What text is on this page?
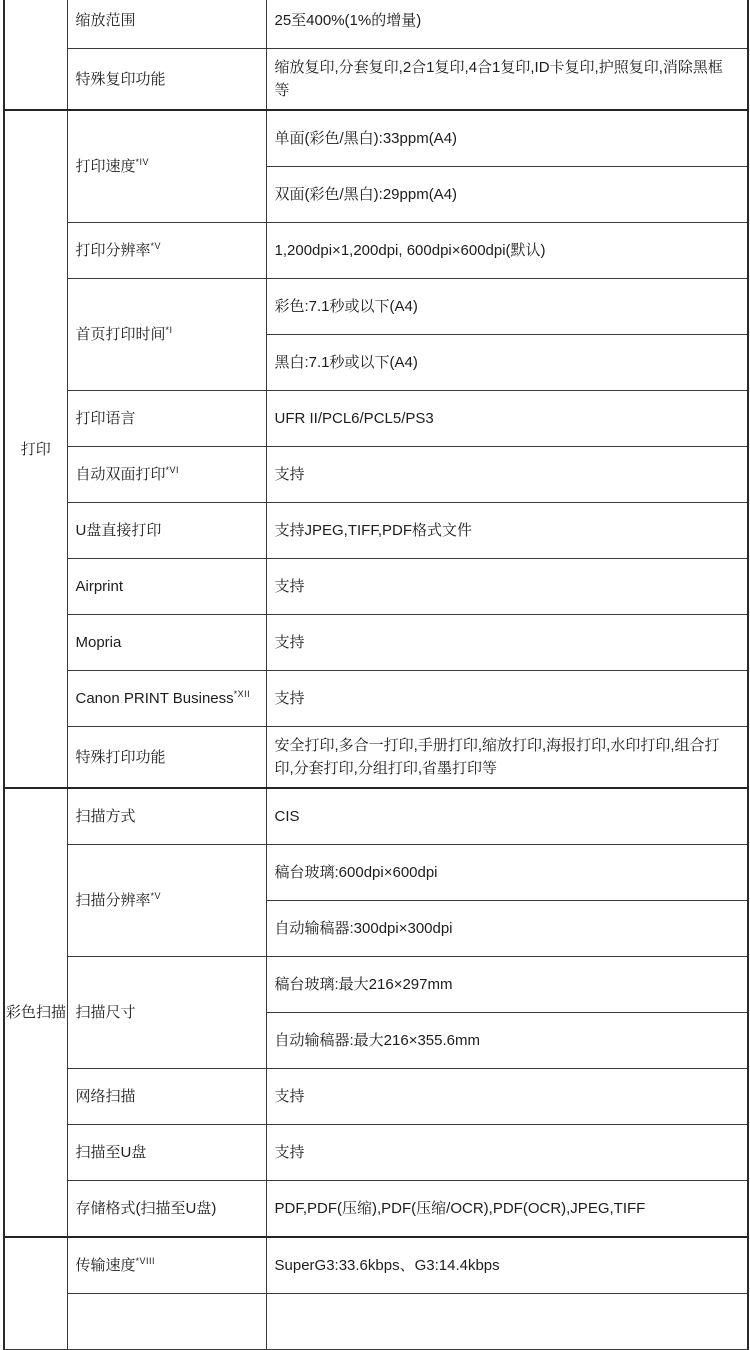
	缩放范围	25至400%(1%的增量)
	特殊复印功能	缩放复印,分套复印,2合1复印,4合1复印,ID卡复印,护照复印,消除黑框等
打印	打印速度$^{*IV}$	单面(彩色/黑白):33ppm(A4)
		双面(彩色/黑白):29ppm(A4)
	打印分辨率$^{*V}$	1,200dpi×1,200dpi, 600dpi×600dpi(默认)
	首页打印时间$^{*I}$	彩色:7.1秒或以下(A4)
		黑白:7.1秒或以下(A4)
	打印语言	UFR II/PCL6/PCL5/PS3
	自动双面打印$^{*VI}$	支持
	U盘直接打印	支持JPEG,TIFF,PDF格式文件
	Airprint	支持
	Mopria	支持
	Canon PRINT Business$^{*XII}$	支持
	特殊打印功能	安全打印,多合一打印,手册打印,缩放打印,海报打印,水印打印,组合打印,分套打印,分组打印,省墨打印等
彩色扫描	扫描方式	CIS
	扫描分辨率$^{*V}$	稿台玻璃:600dpi×600dpi
		自动输稿器:300dpi×300dpi
	扫描尺寸	稿台玻璃:最大216×297mm
		自动输稿器:最大216×355.6mm
	网络扫描	支持
	扫描至U盘	支持
	存储格式(扫描至U盘)	PDF,PDF(压缩),PDF(压缩/OCR),PDF(OCR),JPEG,TIFF
	传输速度$^{*VIII}$	SuperG3:33.6kbps、G3:14.4kbps
